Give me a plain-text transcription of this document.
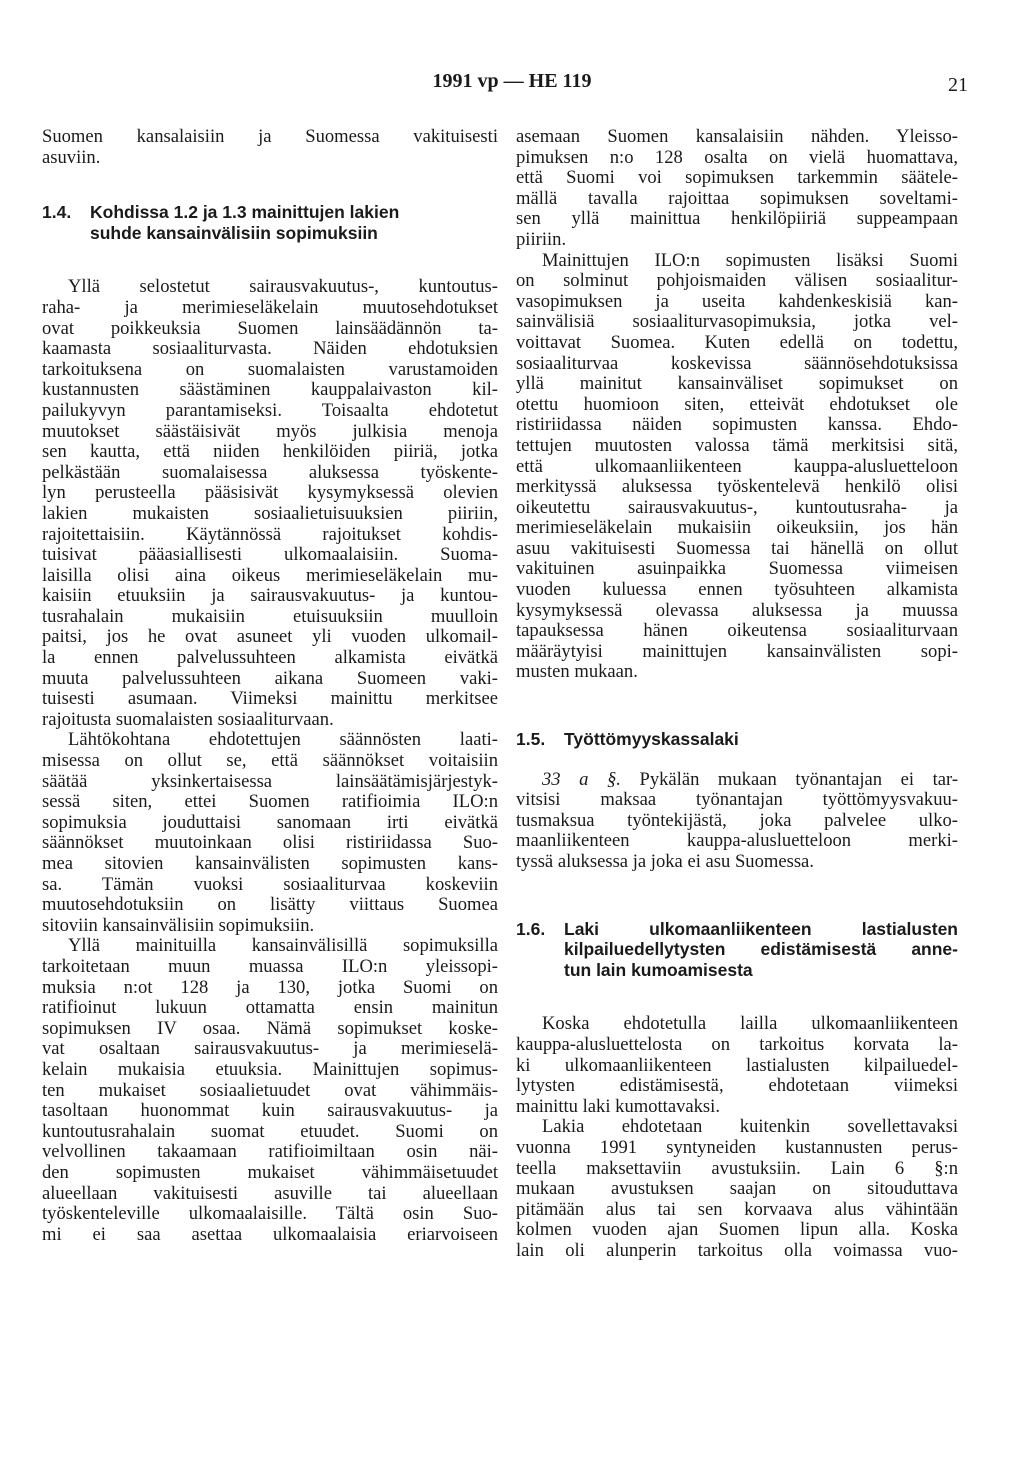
1991 vp — HE 119	21
Suomen kansalaisiin ja Suomessa vakituisesti
asuviin.
1.4.	Kohdissa 1.2 ja 1.3 mainittujen lakien
suhde kansainvälisiin sopimuksiin
Yllä selostetut sairausvakuutus-, kuntoutus-
raha- ja merimieseläkelain muutosehdotukset
ovat poikkeuksia Suomen lainsäädännön ta-
kaamasta sosiaaliturvasta. Näiden ehdotuksien
tarkoituksena on suomalaisten varustamoiden
kustannusten säästäminen kauppalaivaston kil-
pailukyvyn parantamiseksi. Toisaalta ehdotetut
muutokset säästäisivät myös julkisia menoja
sen kautta, että niiden henkilöiden piiriä, jotka
pelkästään suomalaisessa aluksessa työskente-
lyn perusteella pääsisivät kysymyksessä olevien
lakien mukaisten sosiaalietuisuuksien piiriin,
rajoitettaisiin. Käytännössä rajoitukset kohdis-
tuisivat pääasiallisesti ulkomaalaisiin. Suoma-
laisilla olisi aina oikeus merimieseläkelain mu-
kaisiin etuuksiin ja sairausvakuutus- ja kuntou-
tusrahalain mukaisiin etuisuuksiin muulloin
paitsi, jos he ovat asuneet yli vuoden ulkomail-
la ennen palvelussuhteen alkamista eivätkä
muuta palvelussuhteen aikana Suomeen vaki-
tuisesti asumaan. Viimeksi mainittu merkitsee
rajoitusta suomalaisten sosiaaliturvaan.
Lähtökohtana ehdotettujen säännösten laati-
misessa on ollut se, että säännökset voitaisiin
säätää yksinkertaisessa lainsäätämisjärjestyk-
sessä siten, ettei Suomen ratifioimia ILO:n
sopimuksia jouduttaisi sanomaan irti eivätkä
säännökset muutoinkaan olisi ristiriidassa Suo-
mea sitovien kansainvälisten sopimusten kans-
sa. Tämän vuoksi sosiaaliturvaa koskeviin
muutosehdotuksiin on lisätty viittaus Suomea
sitoviin kansainvälisiin sopimuksiin.
Yllä mainituilla kansainvälisillä sopimuksilla
tarkoitetaan muun muassa ILO:n yleissopi-
muksia n:ot 128 ja 130, jotka Suomi on
ratifioinut lukuun ottamatta ensin mainitun
sopimuksen IV osaa. Nämä sopimukset koske-
vat osaltaan sairausvakuutus- ja merimieselä-
kelain mukaisia etuuksia. Mainittujen sopimus-
ten mukaiset sosiaalietuudet ovat vähimmäis-
tasoltaan huonommat kuin sairausvakuutus- ja
kuntoutusrahalain suomat etuudet. Suomi on
velvollinen takaamaan ratifioimiltaan osin näi-
den sopimusten mukaiset vähimmäisetuudet
alueellaan vakituisesti asuville tai alueellaan
työskenteleville ulkomaalaisille. Tältä osin Suo-
mi ei saa asettaa ulkomaalaisia eriarvoiseen
asemaan Suomen kansalaisiin nähden. Yleisso-
pimuksen n:o 128 osalta on vielä huomattava,
että Suomi voi sopimuksen tarkemmin säätele-
mällä tavalla rajoittaa sopimuksen soveltami-
sen yllä mainittua henkilöpiiriä suppeampaan
piiriin.
Mainittujen ILO:n sopimusten lisäksi Suomi
on solminut pohjoismaiden välisen sosiaalitur-
vasopimuksen ja useita kahdenkeskisiä kan-
sainvälisiä sosiaaliturvasopimuksia, jotka vel-
voittavat Suomea. Kuten edellä on todettu,
sosiaaliturvaa koskevissa säännösehdotuksissa
yllä mainitut kansainväliset sopimukset on
otettu huomioon siten, etteivät ehdotukset ole
ristiriidassa näiden sopimusten kanssa. Ehdo-
tettujen muutosten valossa tämä merkitsisi sitä,
että ulkomaanliikenteen kauppa-alusluetteloon
merkityssä aluksessa työskentelevä henkilö olisi
oikeutettu sairausvakuutus-, kuntoutusraha- ja
merimieseläkelain mukaisiin oikeuksiin, jos hän
asuu vakituisesti Suomessa tai hänellä on ollut
vakituinen asuinpaikka Suomessa viimeisen
vuoden kuluessa ennen työsuhteen alkamista
kysymyksessä olevassa aluksessa ja muussa
tapauksessa hänen oikeutensa sosiaaliturvaan
määräytyisi mainittujen kansainvälisten sopi-
musten mukaan.
1.5.	Työttömyyskassalaki
33 a §. Pykälän mukaan työnantajan ei tar-
vitsisi maksaa työnantajan työttömyysvakuu-
tusmaksua työntekijästä, joka palvelee ulko-
maanliikenteen kauppa-alusluetteloon merki-
tyssä aluksessa ja joka ei asu Suomessa.
1.6.	Laki ulkomaanliikenteen lastialusten
kilpailuedellytysten edistämisestä anne-
tun lain kumoamisesta
Koska ehdotetulla lailla ulkomaanliikenteen
kauppa-alusluettelosta on tarkoitus korvata la-
ki ulkomaanliikenteen lastialusten kilpailuedel-
lytysten edistämisestä, ehdotetaan viimeksi
mainittu laki kumottavaksi.
Lakia ehdotetaan kuitenkin sovellettavaksi
vuonna 1991 syntyneiden kustannusten perus-
teella maksettaviin avustuksiin. Lain 6 §:n
mukaan avustuksen saajan on sitouduttava
pitämään alus tai sen korvaava alus vähintään
kolmen vuoden ajan Suomen lipun alla. Koska
lain oli alunperin tarkoitus olla voimassa vuo-
